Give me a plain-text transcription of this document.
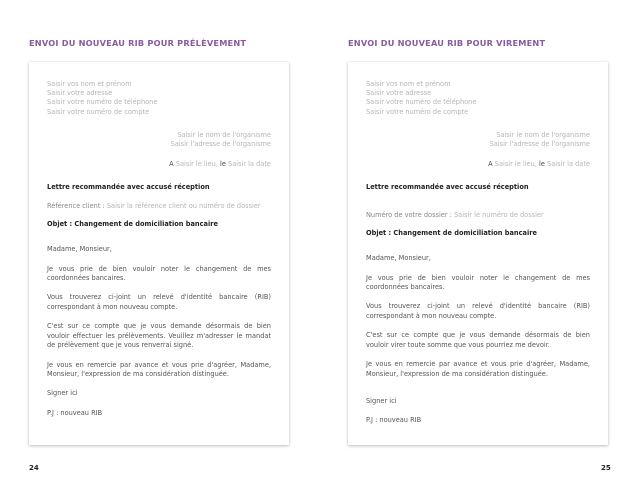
ENVOI DU NOUVEAU RIB POUR PRÉLÈVEMENT
Saisir vos nom et prénom
Saisir votre adresse
Saisir votre numéro de téléphone
Saisir votre numéro de compte
Saisir le nom de l'organisme
Saisir l'adresse de l'organisme
A Saisir le lieu, le Saisir la date
Lettre recommandée avec accusé réception
Référence client : Saisir la référence client ou numéro de dossier
Objet : Changement de domiciliation bancaire
Madame, Monsieur,
Je vous prie de bien vouloir noter le changement de mes coordonnées bancaires.
Vous trouverez ci-joint un relevé d'identité bancaire (RIB) correspondant à mon nouveau compte.
C'est sur ce compte que je vous demande désormais de bien vouloir effectuer les prélèvements. Veuillez m'adresser le mandat de prélèvement que je vous renverrai signé.
Je vous en remercie par avance et vous prie d'agréer, Madame, Monsieur, l'expression de ma considération distinguée.
Signer ici
P.J : nouveau RIB
24
ENVOI DU NOUVEAU RIB POUR VIREMENT
Saisir vos nom et prénom
Saisir votre adresse
Saisir votre numéro de téléphone
Saisir votre numéro de compte
Saisir le nom de l'organisme
Saisir l'adresse de l'organisme
A Saisir le lieu, le Saisir la date
Lettre recommandée avec accusé réception
Numéro de votre dossier : Saisir le numéro de dossier
Objet : Changement de domiciliation bancaire
Madame, Monsieur,
Je vous prie de bien vouloir noter le changement de mes coordonnées bancaires.
Vous trouverez ci-joint un relevé d'identité bancaire (RIB) correspondant à mon nouveau compte.
C'est sur ce compte que je vous demande désormais de bien vouloir virer toute somme que vous pourriez me devoir.
Je vous en remercie par avance et vous prie d'agréer, Madame, Monsieur, l'expression de ma considération distinguée.
Signer ici
P.J : nouveau RIB
25
